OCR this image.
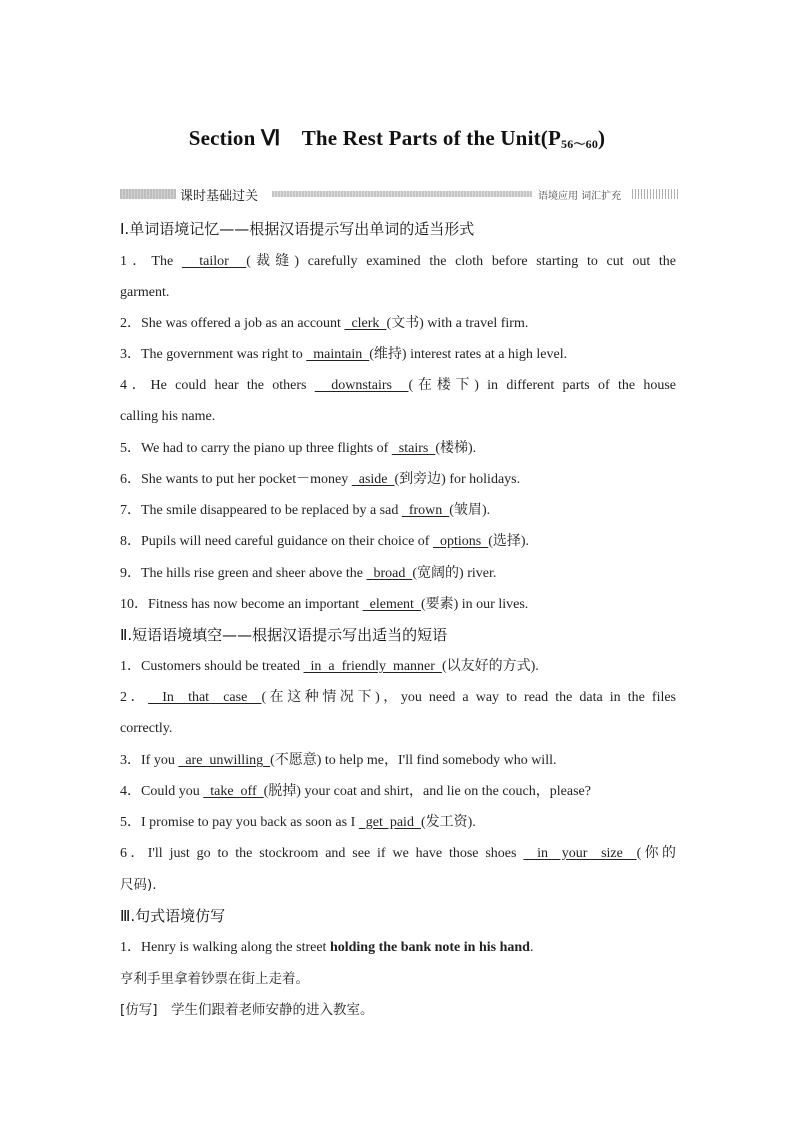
Section Ⅵ　The Rest Parts of the $Unit(P_{56\sim 60})$
课时基础过关	语境应用 词汇扩充
Ⅰ.单词语境记忆——根据汉语提示写出单词的适当形式
1．The   tailor  (裁缝) carefully examined the cloth before starting to cut out the
garment.
2．She was offered a job as an account   clerk  (文书) with a travel firm.
3．The government was right to   maintain  (维持) interest rates at a high level.
4．He could hear the others   downstairs  (在楼下) in different parts of the house
calling his name.
5．We had to carry the piano up three flights of   stairs  (楼梯).
6．She wants to put her pocket－money   aside  (到旁边) for holidays.
7．The smile disappeared to be replaced by a sad   frown  (皱眉).
8．Pupils will need careful guidance on their choice of   options  (选择).
9．The hills rise green and sheer above the   broad  (宽阔的) river.
10．Fitness has now become an important   element  (要素) in our lives.
Ⅱ.短语语境填空——根据汉语提示写出适当的短语
1．Customers should be treated   in  a  friendly  manner  (以友好的方式).
2．  In  that  case  (在这种情况下)，you need a way to read the data in the files
correctly.
3．If you   are  unwilling  (不愿意) to help me，I'll find somebody who will.
4．Could you   take  off  (脱掉) your coat and shirt，and lie on the couch，please?
5．I promise to pay you back as soon as I   get  paid  (发工资).
6．I'll just go to the stockroom and see if we have those shoes   in  your  size  (你的
尺码).
Ⅲ.句式语境仿写
1．Henry is walking along the street holding the bank note in his hand.
亨利手里拿着钞票在街上走着。
[仿写]　 学生们跟着老师安静的进入教室。
